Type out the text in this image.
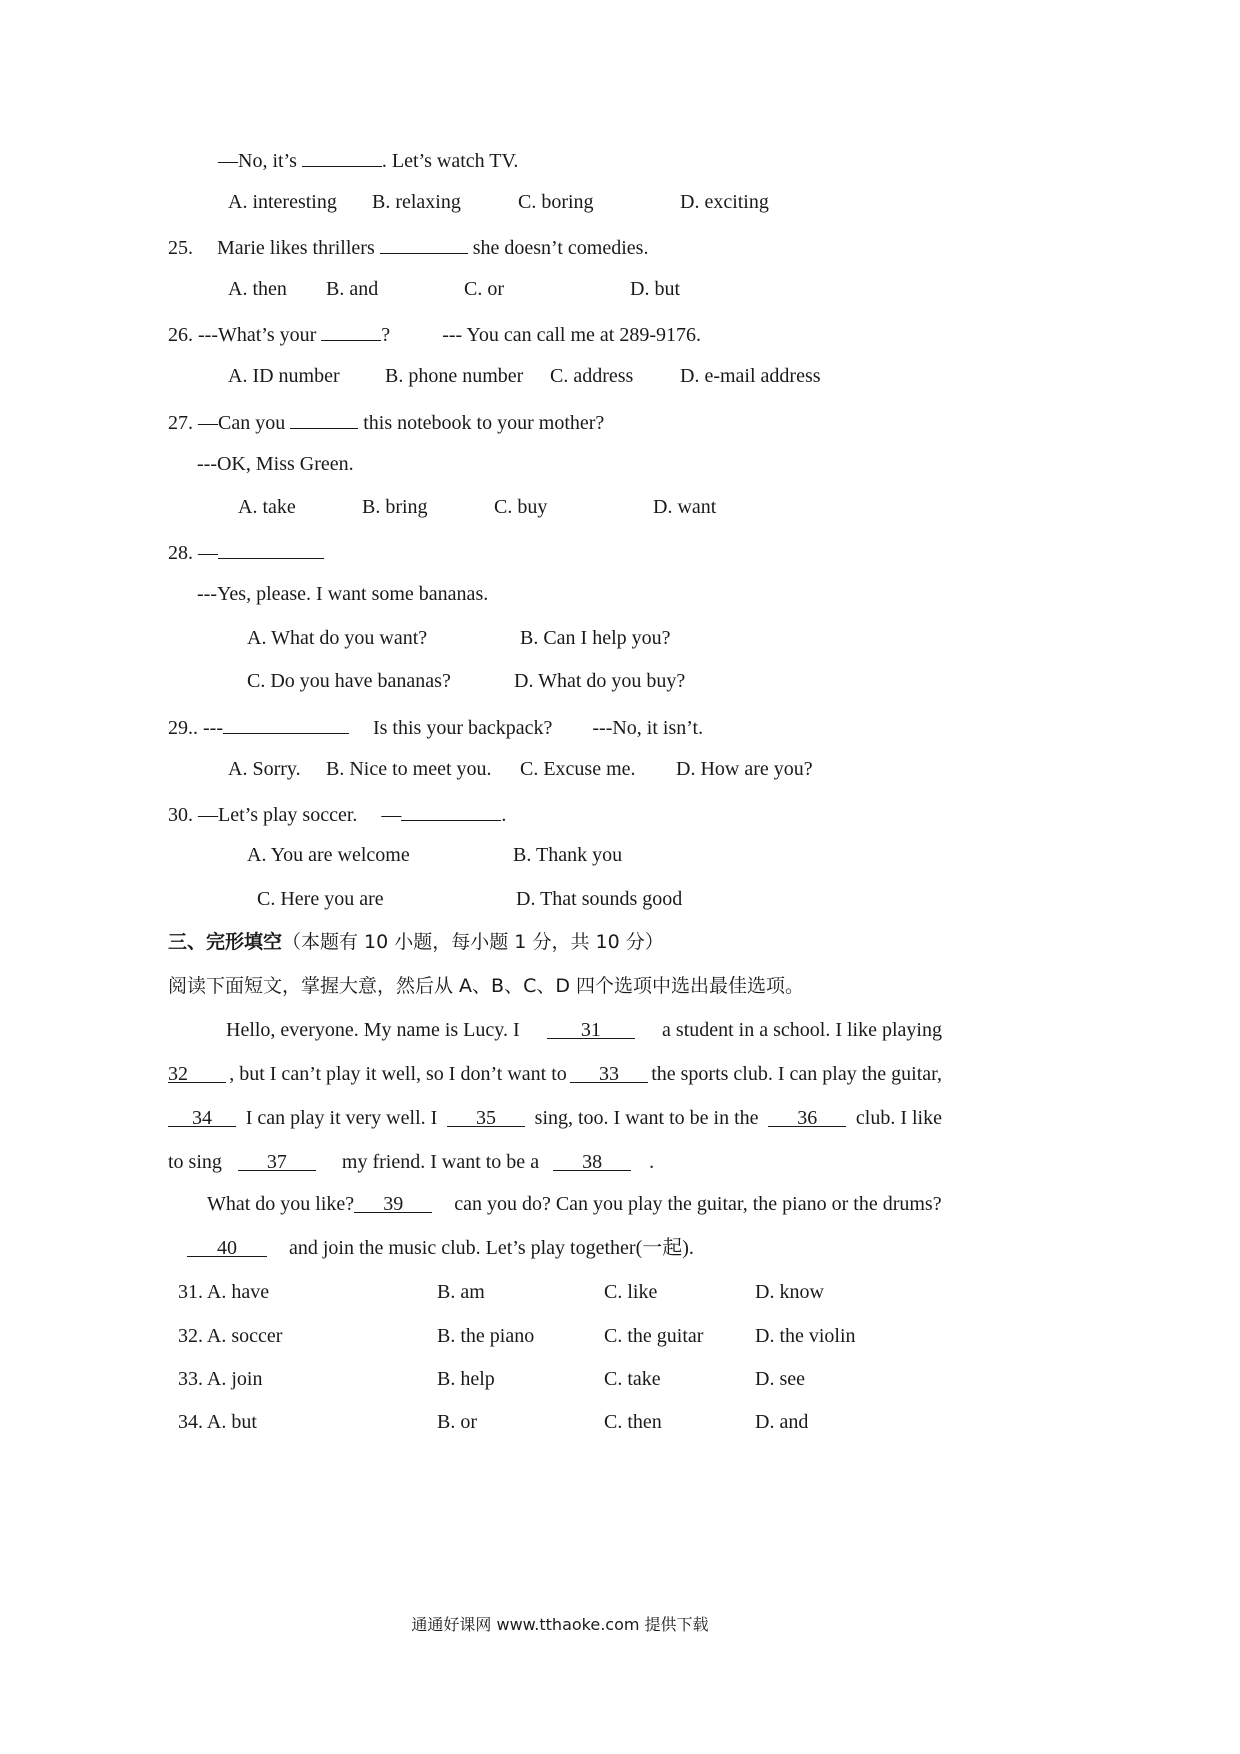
—No, it’s	. Let’s watch TV.
A. interesting B. relaxing	C. boring	D. exciting
25. Marie likes thrillers	she doesn’t comedies.
A. then B. and	C. or	D. but
26. ---What’s your	?	--- You can call me at 289-9176.
A. ID number B. phone number C. address D. e-mail address
27. —Can you	this notebook to your mother?
---OK, Miss Green.
A. take	B. bring	C. buy	D. want
28. —
---Yes, please. I want some bananas.
A. What do you want?	B. Can I help you?
C. Do you have bananas?	D. What do you buy?
29.. ---	Is this your backpack? ---No, it isn’t.
A. Sorry. B. Nice to meet you. C. Excuse me. D. How are you?
30. —Let’s play soccer. —	.
A. You are welcome	B. Thank you
C. Here you are	D. That sounds good
三、完形填空（本题有 10 小题，每小题 1 分，共 10 分）
阅读下面短文，掌握大意，然后从 A、B、C、D 四个选项中选出最佳选项。
Hello, everyone. My name is Lucy. I	31	a student in a school. I like playing
32	, but I can’t play it well, so I don’t want to	33	the sports club. I can play the guitar,
34	I can play it very well. I	35	sing, too. I want to be in the	36	club. I like
to sing 37	my friend. I want to be a 38 .
What do you like? 39	can you do? Can you play the guitar, the piano or the drums?
40	and join the music club. Let’s play together(一起).
31. A. have	B. am	C. like	D. know
32. A. soccer	B. the piano	C. the guitar	D. the violin
33. A. join	B. help	C. take	D. see
34. A. but	B. or	C. then	D. and
通通好课网 www.tthaoke.com 提供下载
